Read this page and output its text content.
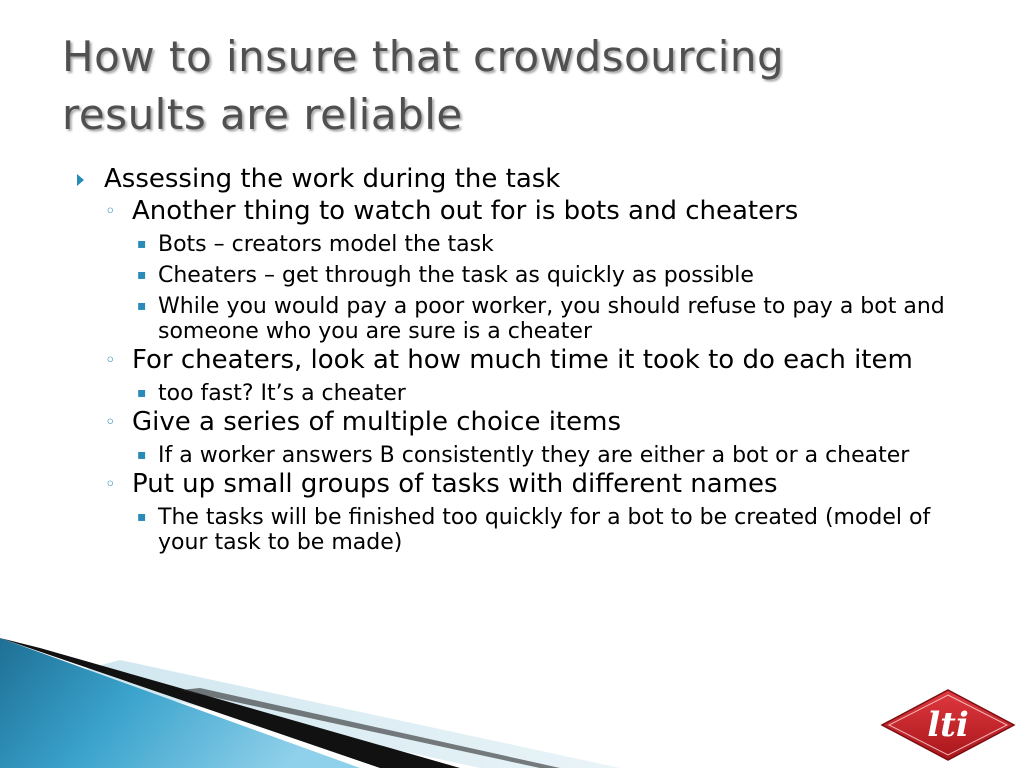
How to insure that crowdsourcing
results are reliable
Assessing the work during the task
◦ Another thing to watch out for is bots and cheaters
▪ Bots – creators model the task
▪ Cheaters – get through the task as quickly as possible
▪ While you would pay a poor worker, you should refuse to pay a bot and someone who you are sure is a cheater
◦ For cheaters, look at how much time it took to do each item
▪ too fast? It’s a cheater
◦ Give a series of multiple choice items
▪ If a worker answers B consistently they are either a bot or a cheater
◦ Put up small groups of tasks with different names
▪ The tasks will be finished too quickly for a bot to be created (model of your task to be made)
lti
